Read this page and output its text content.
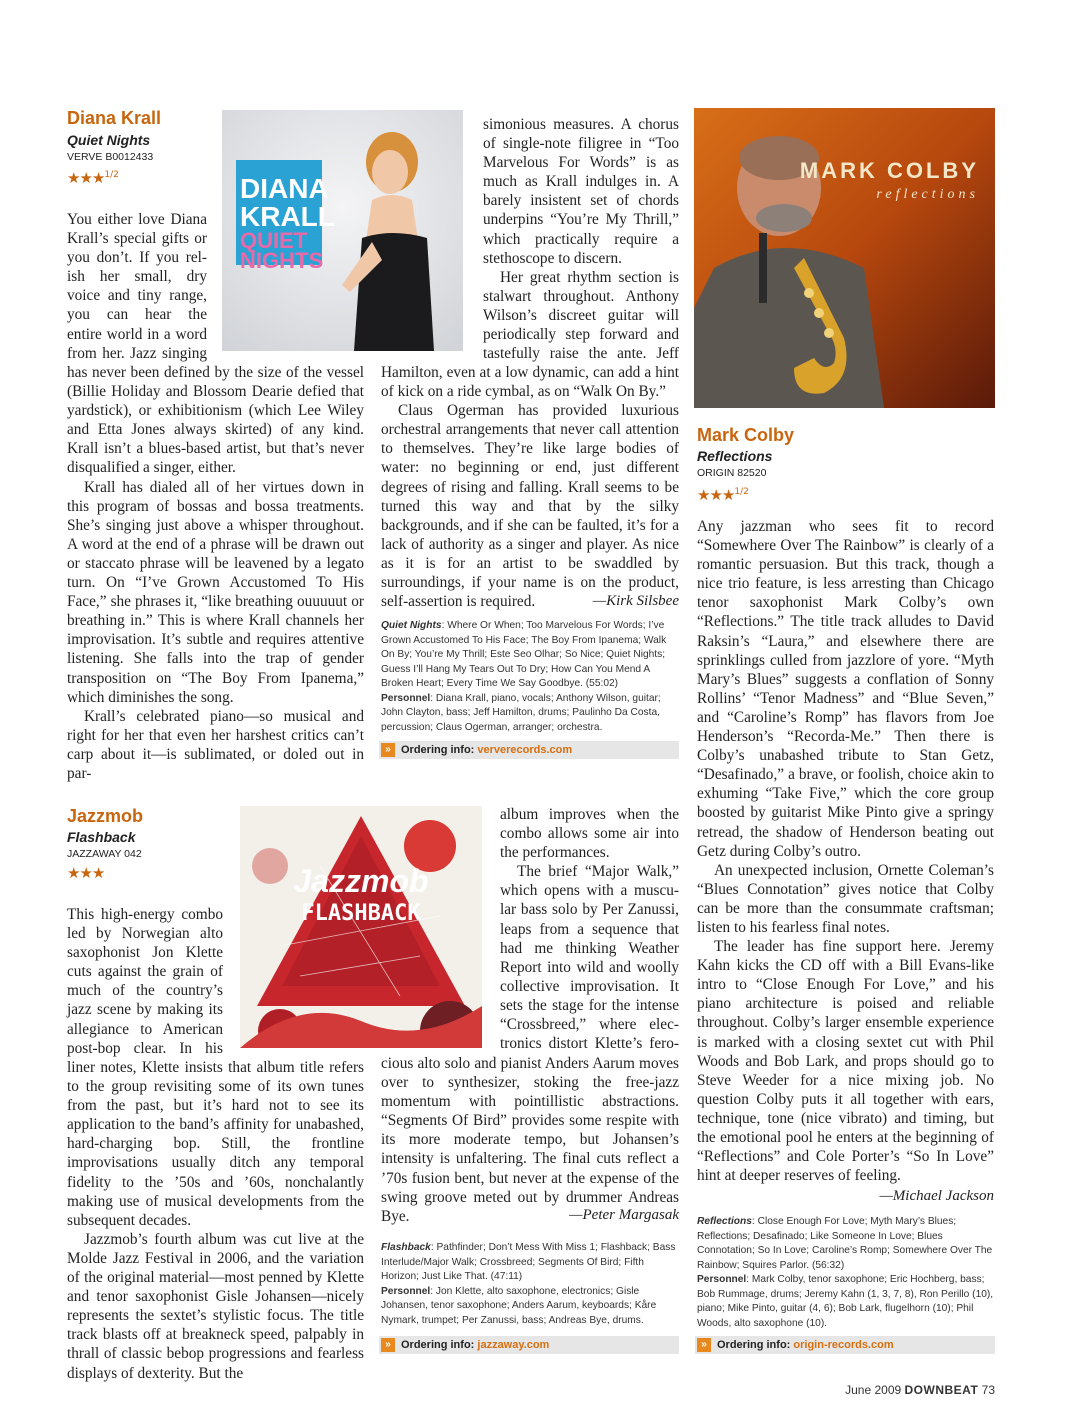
Diana Krall
Quiet Nights
VERVE B0012433
★★★$^{1/2}$	DIANA
KRALL
QUIET
NIGHTS
You either love Diana
Krall’s special gifts or
you don’t. If you rel-
ish her small, dry
voice and tiny range,
you can hear the
entire world in a word
from her. Jazz singing

has never been defined by the size of the vessel (Billie Holiday and Blossom Dearie defied that yardstick), or exhibitionism (which Lee Wiley and Etta Jones always skirted) of any kind. Krall isn’t a blues-based artist, but that’s never disqualified a singer, either.

Krall has dialed all of her virtues down in this program of bossas and bossa treatments. She’s singing just above a whisper throughout. A word at the end of a phrase will be drawn out or staccato phrase will be leavened by a legato turn. On “I’ve Grown Accustomed To His Face,” she phrases it, “like breathing ouuuuut or breathing in.” This is where Krall channels her improvisation. It’s subtle and requires attentive listening. She falls into the trap of gender transposition on “The Boy From Ipanema,” which diminishes the song.

Krall’s celebrated piano—so musical and right for her that even her harshest critics can’t carp about it—is sublimated, or doled out in par-

simonious measures. A chorus
of single-note filigree in “Too
Marvelous For Words” is as
much as Krall indulges in. A
barely insistent set of chords
underpins “You’re My Thrill,”
which practically require a
stethoscope to discern.
Her great rhythm section is
stalwart throughout. Anthony
Wilson’s discreet guitar will
periodically step forward and
tastefully raise the ante. Jeff

Hamilton, even at a low dynamic, can add a hint of kick on a ride cymbal, as on “Walk On By.”

Claus Ogerman has provided luxurious orchestral arrangements that never call attention to themselves. They’re like large bodies of water: no beginning or end, just different degrees of rising and falling. Krall seems to be turned this way and that by the silky backgrounds, and if she can be faulted, it’s for a lack of authority as a singer and player. As nice as it is for an artist to be swaddled by surroundings, if your name is on the product, self-assertion is required.	—Kirk Silsbee

Quiet Nights: Where Or When; Too Marvelous For Words; I’ve Grown Accustomed To His Face; The Boy From Ipanema; Walk On By; You’re My Thrill; Este Seo Olhar; So Nice; Quiet Nights; Guess I’ll Hang My Tears Out To Dry; How Can You Mend A Broken Heart; Every Time We Say Goodbye. (55:02)

Personnel: Diana Krall, piano, vocals; Anthony Wilson, guitar; John Clayton, bass; Jeff Hamilton, drums; Paulinho Da Costa, percussion; Claus Ogerman, arranger; orchestra.

» Ordering info: ververecords.com
Jazzmob
Flashback
JAZZAWAY 042
★★★	Jazzmob
FLASHBACK
This high-energy combo
led by Norwegian alto
saxophonist Jon Klette
cuts against the grain of
much of the country’s
jazz scene by making its
allegiance to American
post-bop clear. In his

liner notes, Klette insists that album title refers to the group revisiting some of its own tunes from the past, but it’s hard not to see its application to the band’s affinity for unabashed, hard-charging bop. Still, the frontline improvisations usually ditch any temporal fidelity to the ’50s and ’60s, nonchalantly making use of musical developments from the subsequent decades.

Jazzmob’s fourth album was cut live at the Molde Jazz Festival in 2006, and the variation of the original material—most penned by Klette and tenor saxophonist Gisle Johansen—nicely represents the sextet’s stylistic focus. The title track blasts off at breakneck speed, palpably in thrall of classic bebop progressions and fearless displays of dexterity. But the

album improves when the
combo allows some air into
the performances.
The brief “Major Walk,”
which opens with a muscu-
lar bass solo by Per Zanussi,
leaps from a sequence that
had me thinking Weather
Report into wild and woolly
collective improvisation. It
sets the stage for the intense
“Crossbreed,” where elec-
tronics distort Klette’s fero-

cious alto solo and pianist Anders Aarum moves over to synthesizer, stoking the free-jazz momentum with pointillistic abstractions. “Segments Of Bird” provides some respite with its more moderate tempo, but Johansen’s intensity is unfaltering. The final cuts reflect a ’70s fusion bent, but never at the expense of the swing groove meted out by drummer Andreas Bye.	—Peter Margasak

Flashback: Pathfinder; Don’t Mess With Miss 1; Flashback; Bass Interlude/Major Walk; Crossbreed; Segments Of Bird; Fifth Horizon; Just Like That. (47:11)

Personnel: Jon Klette, alto saxophone, electronics; Gisle Johansen, tenor saxophone; Anders Aarum, keyboards; Kåre Nymark, trumpet; Per Zanussi, bass; Andreas Bye, drums.

» Ordering info: jazzaway.com
MARK COLBY
reflections
Mark Colby
Reflections
ORIGIN 82520
★★★$^{1/2}$

Any jazzman who sees fit to record “Somewhere Over The Rainbow” is clearly of a romantic persuasion. But this track, though a nice trio feature, is less arresting than Chicago tenor saxophonist Mark Colby’s own “Reflections.” The title track alludes to David Raksin’s “Laura,” and elsewhere there are sprinklings culled from jazzlore of yore. “Myth Mary’s Blues” suggests a conflation of Sonny Rollins’ “Tenor Madness” and “Blue Seven,” and “Caroline’s Romp” has flavors from Joe Henderson’s “Recorda-Me.” Then there is Colby’s unabashed tribute to Stan Getz, “Desafinado,” a brave, or foolish, choice akin to exhuming “Take Five,” which the core group boosted by guitarist Mike Pinto give a springy retread, the shadow of Henderson beating out Getz during Colby’s outro.

An unexpected inclusion, Ornette Coleman’s “Blues Connotation” gives notice that Colby can be more than the consummate craftsman; listen to his fearless final notes.

The leader has fine support here. Jeremy Kahn kicks the CD off with a Bill Evans-like intro to “Close Enough For Love,” and his piano architecture is poised and reliable throughout. Colby’s larger ensemble experience is marked with a closing sextet cut with Phil Woods and Bob Lark, and props should go to Steve Weeder for a nice mixing job. No question Colby puts it all together with ears, technique, tone (nice vibrato) and timing, but the emotional pool he enters at the beginning of “Reflections” and Cole Porter’s “So In Love” hint at deeper reserves of feeling.

—Michael Jackson

Reflections: Close Enough For Love; Myth Mary’s Blues; Reflections; Desafinado; Like Someone In Love; Blues Connotation; So In Love; Caroline’s Romp; Somewhere Over The Rainbow; Squires Parlor. (56:32)

Personnel: Mark Colby, tenor saxophone; Eric Hochberg, bass; Bob Rummage, drums; Jeremy Kahn (1, 3, 7, 8), Ron Perillo (10), piano; Mike Pinto, guitar (4, 6); Bob Lark, flugelhorn (10); Phil Woods, alto saxophone (10).

» Ordering info: origin-records.com
June 2009 DOWNBEAT 73
